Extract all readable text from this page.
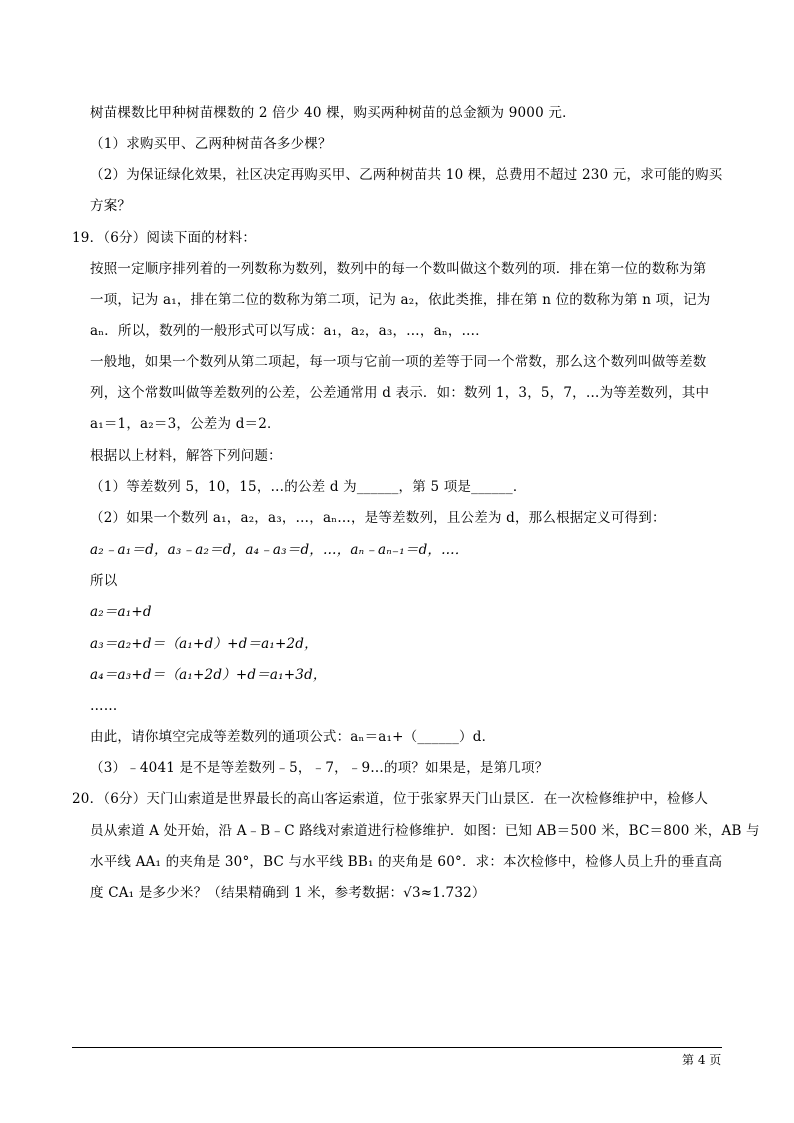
树苗棵数比甲种树苗棵数的 2 倍少 40 棵，购买两种树苗的总金额为 9000 元．
（1）求购买甲、乙两种树苗各多少棵？
（2）为保证绿化效果，社区决定再购买甲、乙两种树苗共 10 棵，总费用不超过 230 元，求可能的购买
方案？
19．（6分）阅读下面的材料：
按照一定顺序排列着的一列数称为数列，数列中的每一个数叫做这个数列的项．排在第一位的数称为第
一项，记为 a₁，排在第二位的数称为第二项，记为 a₂，依此类推，排在第 n 位的数称为第 n 项，记为
aₙ．所以，数列的一般形式可以写成：a₁，a₂，a₃，…，aₙ，…．
一般地，如果一个数列从第二项起，每一项与它前一项的差等于同一个常数，那么这个数列叫做等差数
列，这个常数叫做等差数列的公差，公差通常用 d 表示．如：数列 1，3，5，7，…为等差数列，其中
a₁＝1，a₂＝3，公差为 d＝2．
根据以上材料，解答下列问题：
（1）等差数列 5，10，15，…的公差 d 为______，第 5 项是______．
（2）如果一个数列 a₁，a₂，a₃，…，aₙ…，是等差数列，且公差为 d，那么根据定义可得到：
a₂﹣a₁＝d，a₃﹣a₂＝d，a₄﹣a₃＝d，…，aₙ﹣aₙ₋₁＝d，…．
所以
a₂＝a₁+d
a₃＝a₂+d＝（a₁+d）+d＝a₁+2d，
a₄＝a₃+d＝（a₁+2d）+d＝a₁+3d，
……
由此，请你填空完成等差数列的通项公式：aₙ＝a₁+（______）d．
（3）﹣4041 是不是等差数列﹣5，﹣7，﹣9…的项？如果是，是第几项？
20．（6分）天门山索道是世界最长的高山客运索道，位于张家界天门山景区．在一次检修维护中，检修人
员从索道 A 处开始，沿 A﹣B﹣C 路线对索道进行检修维护．如图：已知 AB＝500 米，BC＝800 米，AB 与
水平线 AA₁ 的夹角是 30°，BC 与水平线 BB₁ 的夹角是 60°．求：本次检修中，检修人员上升的垂直高
度 CA₁ 是多少米？（结果精确到 1 米，参考数据：√3≈1.732）
第 4 页
